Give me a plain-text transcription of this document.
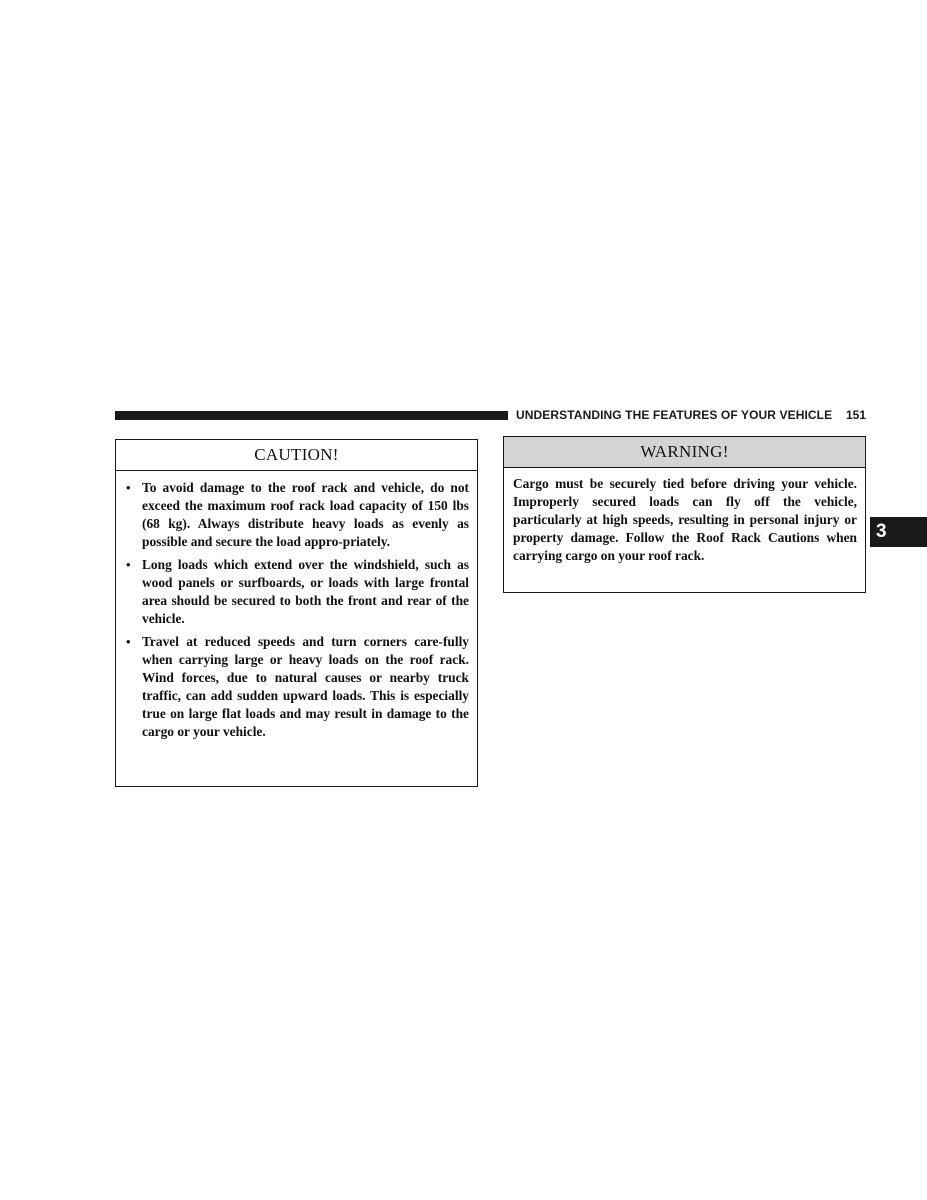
UNDERSTANDING THE FEATURES OF YOUR VEHICLE 151
3
CAUTION!
• To avoid damage to the roof rack and vehicle, do not exceed the maximum roof rack load capacity of 150 lbs (68 kg). Always distribute heavy loads as evenly as possible and secure the load appro-priately.
• Long loads which extend over the windshield, such as wood panels or surfboards, or loads with large frontal area should be secured to both the front and rear of the vehicle.
• Travel at reduced speeds and turn corners care-fully when carrying large or heavy loads on the roof rack. Wind forces, due to natural causes or nearby truck traffic, can add sudden upward loads. This is especially true on large flat loads and may result in damage to the cargo or your vehicle.
WARNING!

Cargo must be securely tied before driving your vehicle. Improperly secured loads can fly off the vehicle, particularly at high speeds, resulting in personal injury or property damage. Follow the Roof Rack Cautions when carrying cargo on your roof rack.
